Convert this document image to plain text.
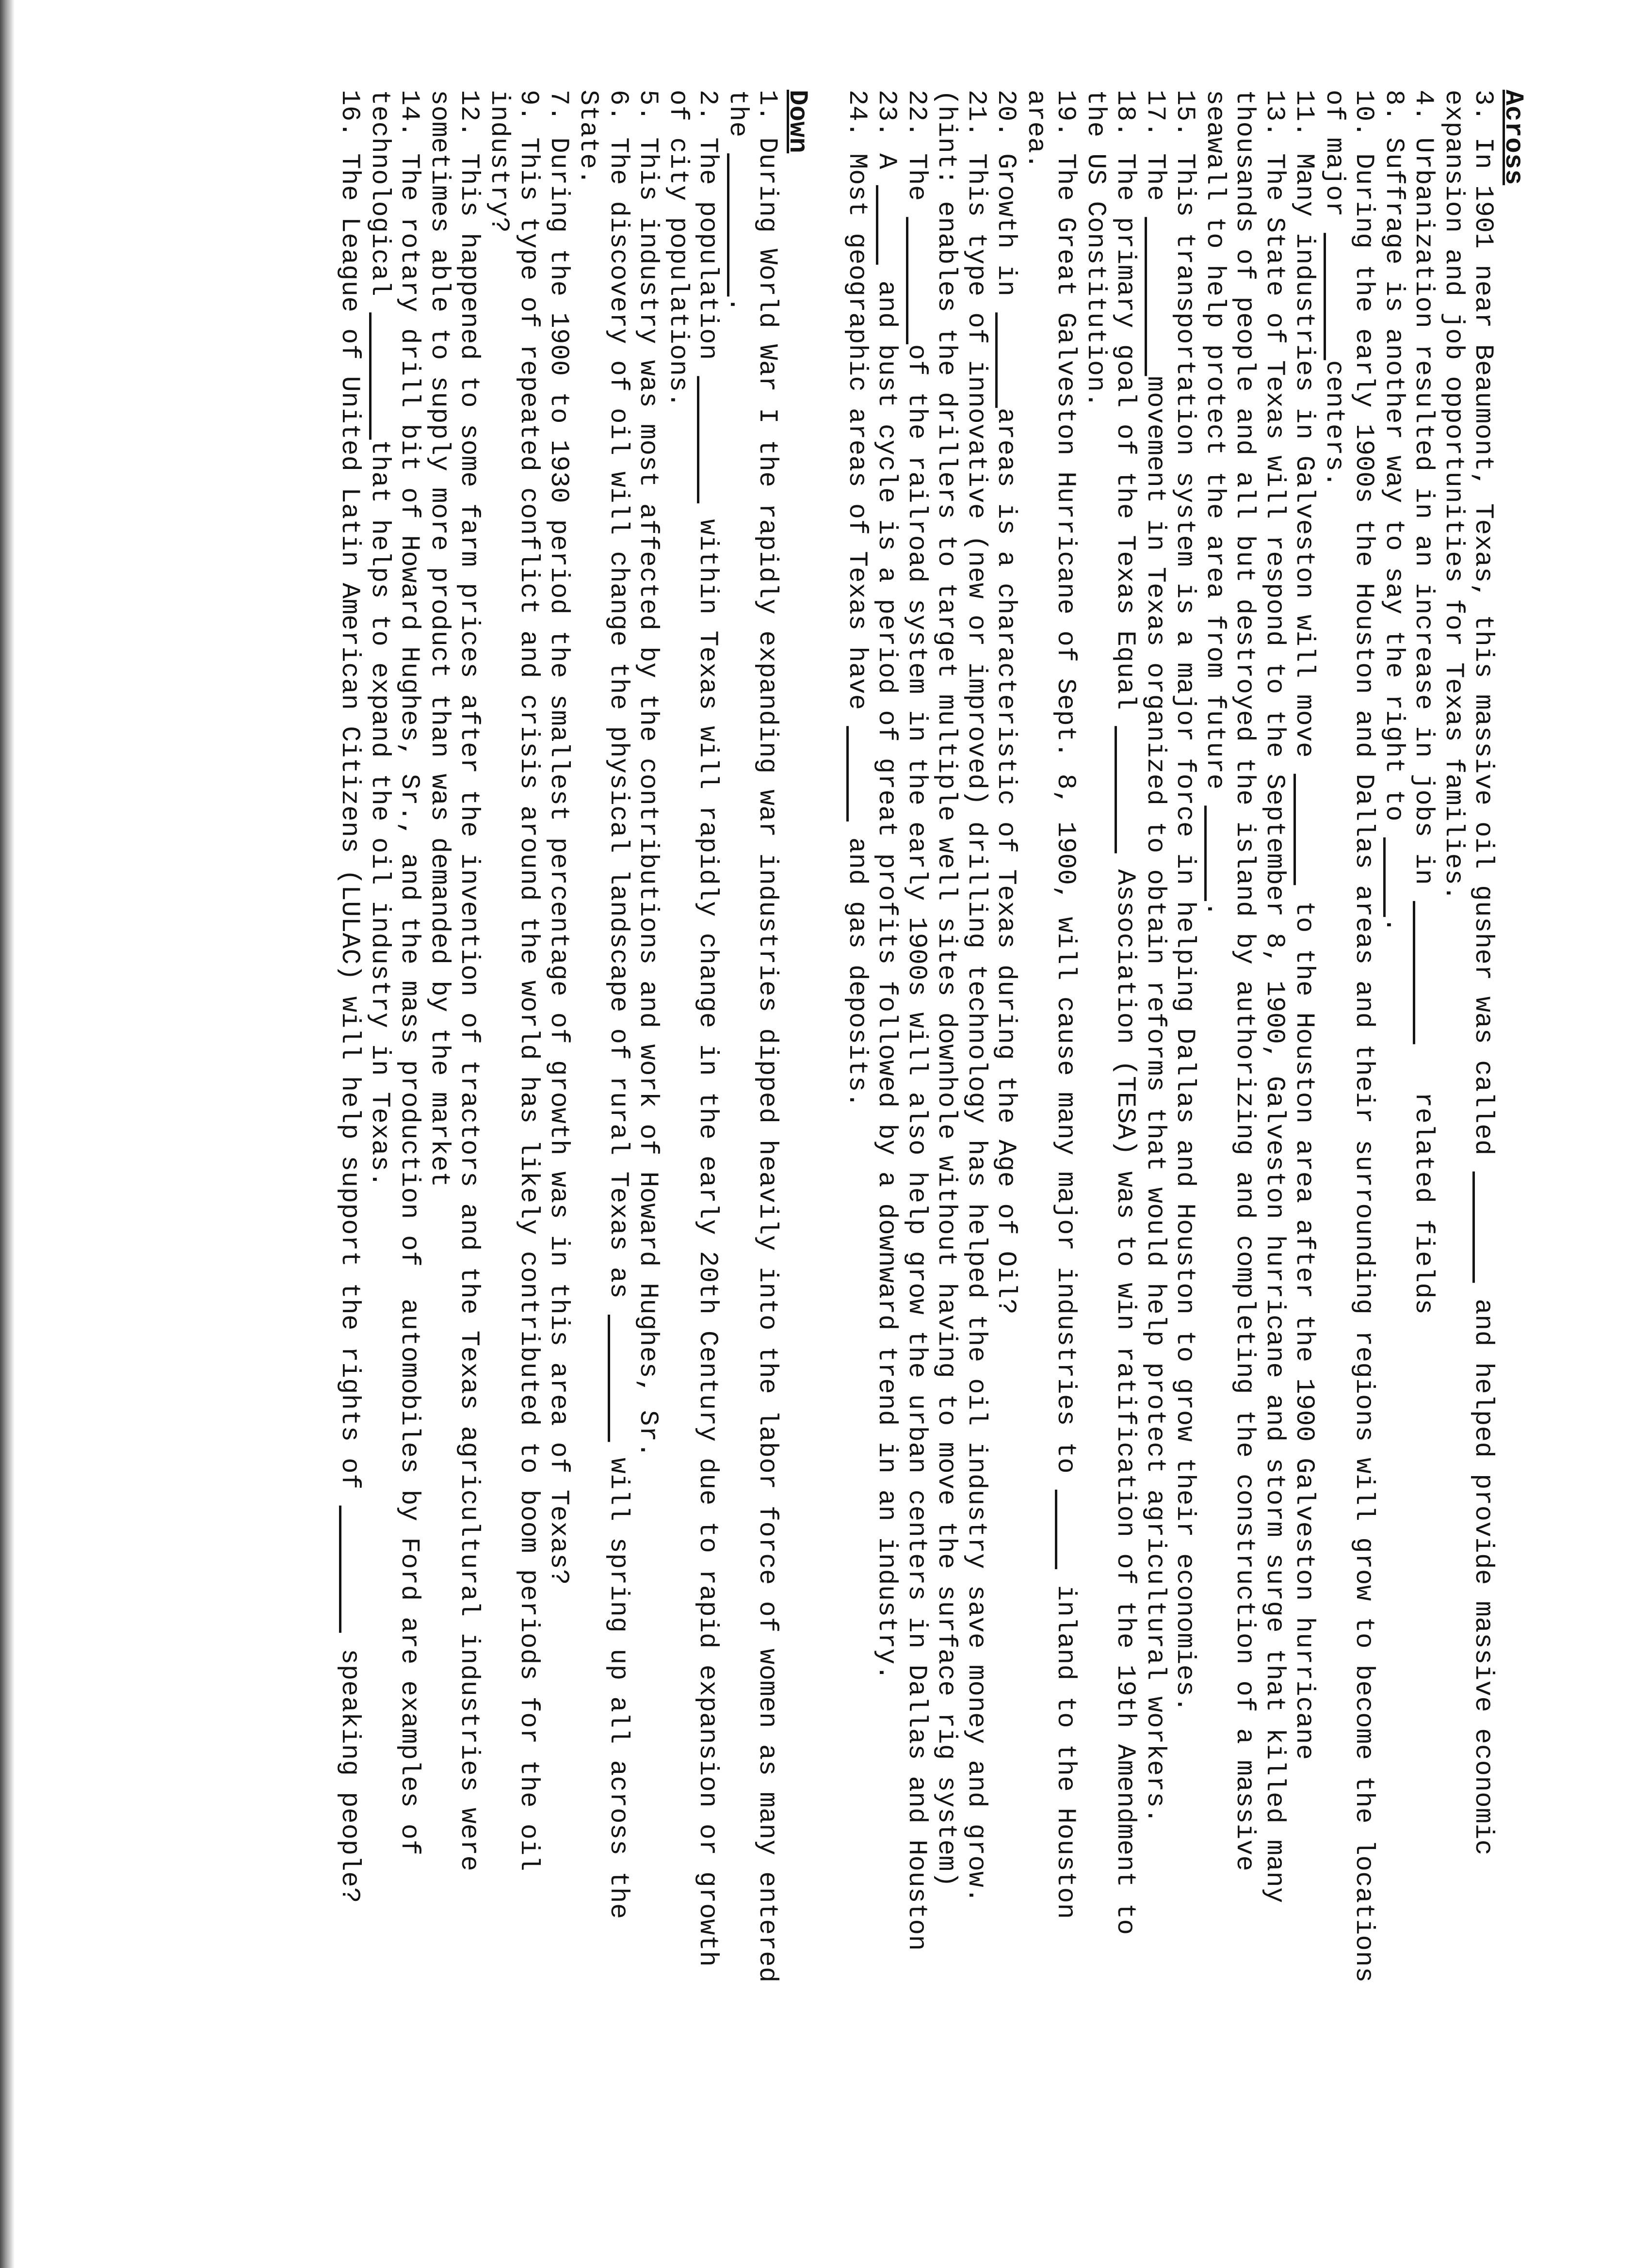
Across
3. In 1901 near Beaumont, Texas, this massive oil gusher was called         and helped provide massive economic
expansion and job opportunities for Texas families.
4. Urbanization resulted in an increase in jobs in             related fields
8. Suffrage is another way to say the right to      .
10. During the early 1900s the Houston and Dallas areas and their surrounding regions will grow to become the locations
of major         centers.
11. Many industries in Galveston will move         to the Houston area after the 1900 Galveston hurricane
13. The State of Texas will respond to the September 8, 1900, Galveston hurricane and storm surge that killed many
thousands of people and all but destroyed the island by authorizing and completing the construction of a massive
seawall to help protect the area from future       .
15. This transportation system is a major force in helping Dallas and Houston to grow their economies.
17. The           movement in Texas organized to obtain reforms that would help protect agricultural workers.
18. The primary goal of the Texas Equal          Association (TESA) was to win ratification of the 19th Amendment to
the US Constitution.
19. The Great Galveston Hurricane of Sept. 8, 1900, will cause many major industries to       inland to the Houston
area.
20. Growth in       areas is a characteristic of Texas during the Age of Oil?
21. This type of innovative (new or improved) drilling technology has helped the oil industry save money and grow.
(hint: enables the drillers to target multiple well sites downhole without having to move the surface rig system)
22. The         of the railroad system in the early 1900s will also help grow the urban centers in Dallas and Houston
23. A       and bust cycle is a period of great profits followed by a downward trend in an industry.
24. Most geographic areas of Texas have        and gas deposits.
Down
1. During World War I the rapidly expanding war industries dipped heavily into the labor force of women as many entered
the          .
2. The population          within Texas will rapidly change in the early 20th Century due to rapid expansion or growth
of city populations.
5. This industry was most affected by the contributions and work of Howard Hughes, Sr.
6. The discovery of oil will change the physical landscape of rural Texas as          will spring up all across the
State.
7. During the 1900 to 1930 period the smallest percentage of growth was in this area of Texas?
9. This type of repeated conflict and crisis around the world has likely contributed to boom periods for the oil
industry?
12. This happened to some farm prices after the invention of tractors and the Texas agricultural industries were
sometimes able to supply more product than was demanded by the market
14. The rotary drill bit of Howard Hughes, Sr., and the mass production of  automobiles by Ford are examples of
technological         that helps to expand the oil industry in Texas.
16. The League of United Latin American Citizens (LULAC) will help support the rights of          speaking people?
